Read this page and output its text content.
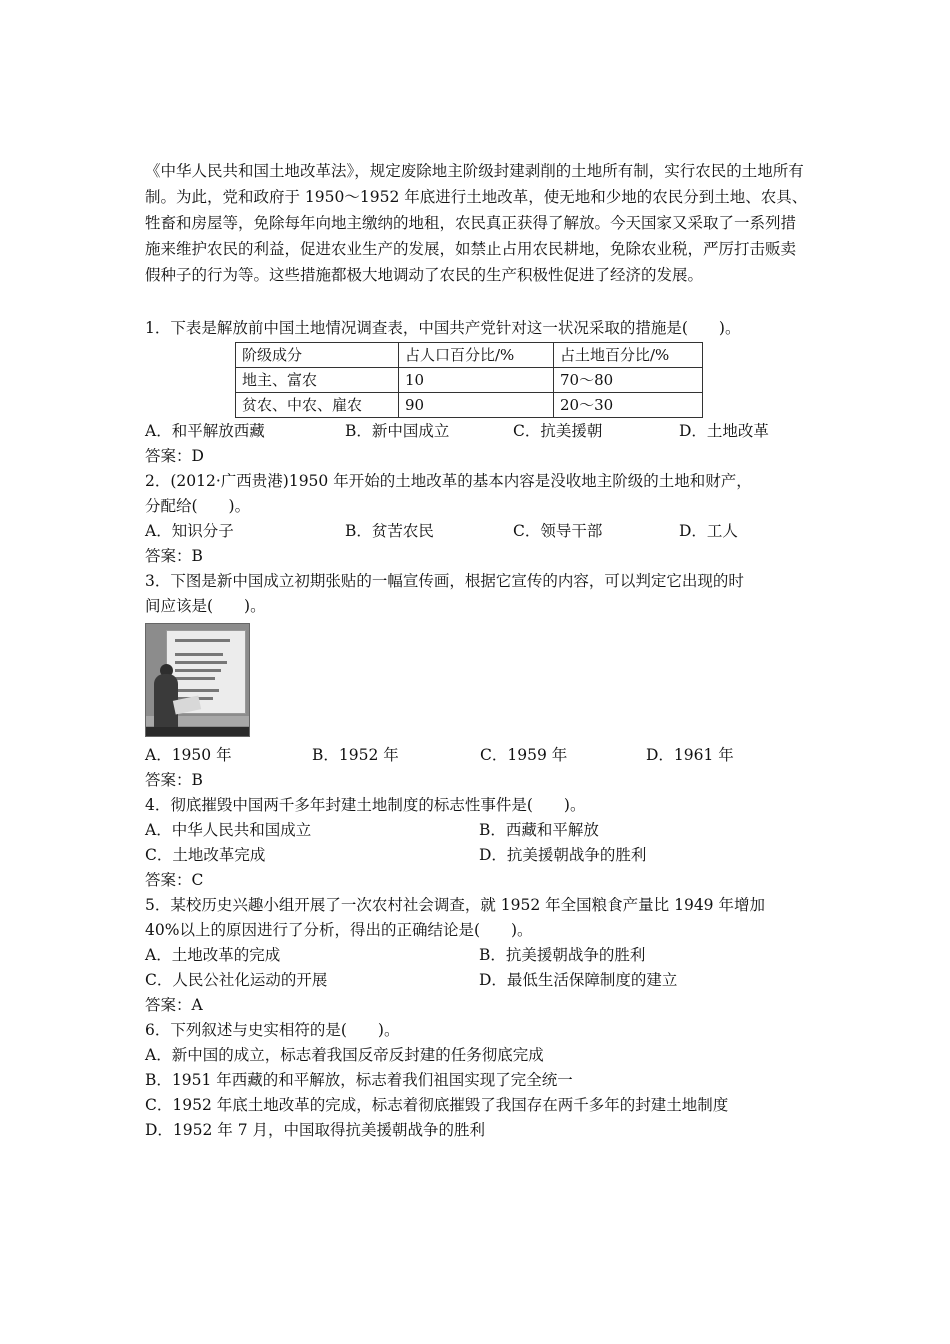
《中华人民共和国土地改革法》，规定废除地主阶级封建剥削的土地所有制，实行农民的土地所有制。为此，党和政府于 1950～1952 年底进行土地改革，使无地和少地的农民分到土地、农具、牲畜和房屋等，免除每年向地主缴纳的地租，农民真正获得了解放。今天国家又采取了一系列措施来维护农民的利益，促进农业生产的发展，如禁止占用农民耕地，免除农业税，严厉打击贩卖假种子的行为等。这些措施都极大地调动了农民的生产积极性促进了经济的发展。

1．下表是解放前中国土地情况调查表，中国共产党针对这一状况采取的措施是(　　)。
阶级成分	占人口百分比/%	占土地百分比/%
地主、富农	10	70～80
贫农、中农、雇农	90	20～30
A．和平解放西藏	B．新中国成立	C．抗美援朝	D．土地改革
答案：D
2．(2012·广西贵港)1950 年开始的土地改革的基本内容是没收地主阶级的土地和财产，
分配给(　　)。
A．知识分子	B．贫苦农民	C．领导干部	D．工人
答案：B
3．下图是新中国成立初期张贴的一幅宣传画，根据它宣传的内容，可以判定它出现的时
间应该是(　　)。
A．1950 年	B．1952 年	C．1959 年	D．1961 年
答案：B
4．彻底摧毁中国两千多年封建土地制度的标志性事件是(　　)。
A．中华人民共和国成立	B．西藏和平解放
C．土地改革完成	D．抗美援朝战争的胜利
答案：C
5．某校历史兴趣小组开展了一次农村社会调查，就 1952 年全国粮食产量比 1949 年增加
40%以上的原因进行了分析，得出的正确结论是(　　)。
A．土地改革的完成	B．抗美援朝战争的胜利
C．人民公社化运动的开展	D．最低生活保障制度的建立
答案：A
6．下列叙述与史实相符的是(　　)。
A．新中国的成立，标志着我国反帝反封建的任务彻底完成
B．1951 年西藏的和平解放，标志着我们祖国实现了完全统一
C．1952 年底土地改革的完成，标志着彻底摧毁了我国存在两千多年的封建土地制度
D．1952 年 7 月，中国取得抗美援朝战争的胜利
